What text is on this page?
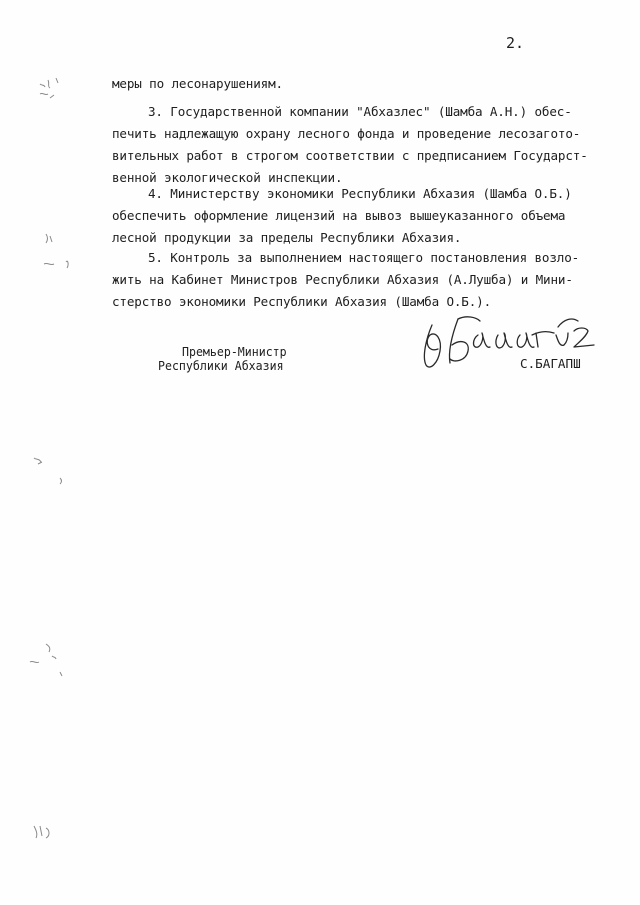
2.
меры по лесонарушениям.
3. Государственной компании "Абхазлес" (Шамба А.Н.) обес-
печить надлежащую охрану лесного фонда и проведение лесозагото-
вительных работ в строгом соответствии с предписанием Государст-
венной экологической инспекции.
4. Министерству экономики Республики Абхазия (Шамба О.Б.)
обеспечить оформление лицензий на вывоз вышеуказанного объема
лесной продукции за пределы Республики Абхазия.
5. Контроль за выполнением настоящего постановления возло-
жить на Кабинет Министров Республики Абхазия (А.Лушба) и Мини-
стерство экономики Республики Абхазия (Шамба О.Б.).
Премьер-Министр
Республики Абхазия	С.БАГАПШ
